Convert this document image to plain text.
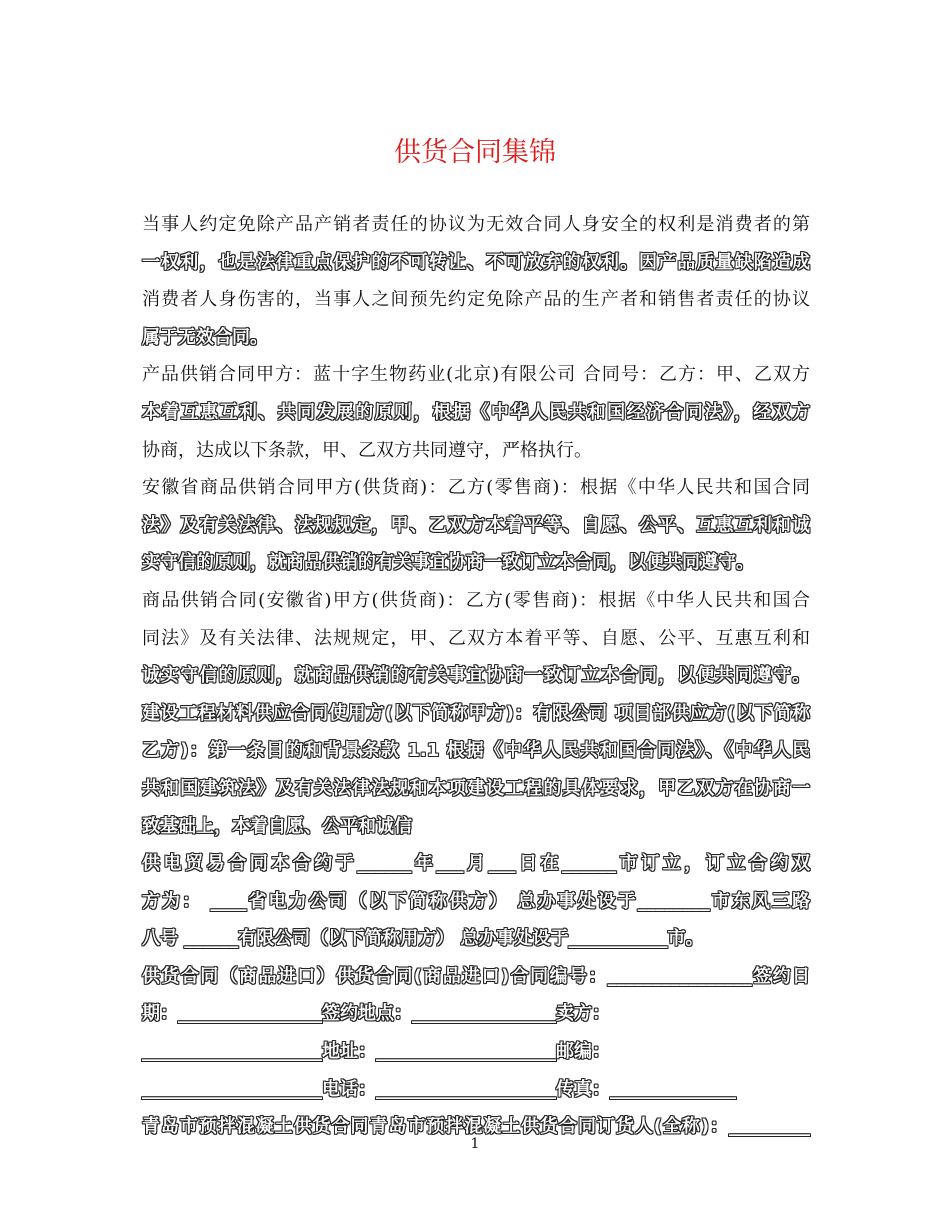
供货合同集锦
当事人约定免除产品产销者责任的协议为无效合同人身安全的权利是消费者的第
一权利，也是法律重点保护的不可转让、不可放弃的权利。因产品质量缺陷造成
消费者人身伤害的，当事人之间预先约定免除产品的生产者和销售者责任的协议
属于无效合同。
产品供销合同甲方：蓝十字生物药业(北京)有限公司 合同号：乙方：甲、乙双方
本着互惠互利、共同发展的原则，根据《中华人民共和国经济合同法》，经双方
协商，达成以下条款，甲、乙双方共同遵守，严格执行。
安徽省商品供销合同甲方(供货商)：乙方(零售商)：根据《中华人民共和国合同
法》及有关法律、法规规定，甲、乙双方本着平等、自愿、公平、互惠互利和诚
实守信的原则，就商品供销的有关事宜协商一致订立本合同，以便共同遵守。
商品供销合同(安徽省)甲方(供货商)：乙方(零售商)：根据《中华人民共和国合
同法》及有关法律、法规规定，甲、乙双方本着平等、自愿、公平、互惠互利和
诚实守信的原则，就商品供销的有关事宜协商一致订立本合同，以便共同遵守。
建设工程材料供应合同使用方(以下简称甲方)：有限公司 项目部供应方(以下简称
乙方)：第一条目的和背景条款 1.1 根据《中华人民共和国合同法》、《中华人民
共和国建筑法》及有关法律法规和本项建设工程的具体要求，甲乙双方在协商一
致基础上，本着自愿、公平和诚信
供电贸易合同本合约于______年___月___日在______市订立，订立合约双
方为： ____省电力公司（以下简称供方） 总办事处设于________市东风三路
八号 ______有限公司（以下简称用方） 总办事处设于___________市。
供货合同（商品进口）供货合同(商品进口)合同编号：________________签约日
期：________________签约地点：________________卖方：
____________________地址：____________________邮编：
____________________电话：____________________传真：______________
青岛市预拌混凝土供货合同青岛市预拌混凝土供货合同订货人(全称)：_________
1
